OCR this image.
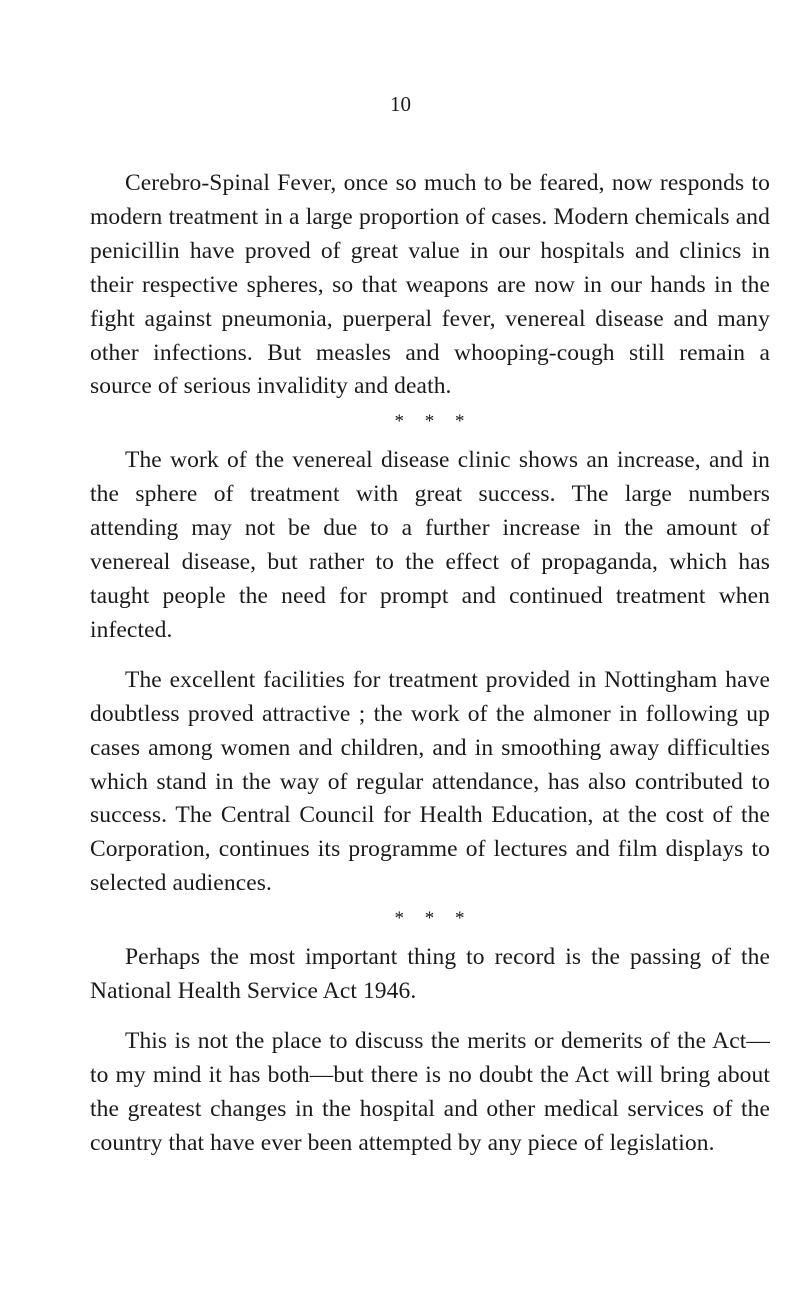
10

Cerebro-Spinal Fever, once so much to be feared, now responds to modern treatment in a large proportion of cases. Modern chemicals and penicillin have proved of great value in our hospitals and clinics in their respective spheres, so that weapons are now in our hands in the fight against pneumonia, puerperal fever, venereal disease and many other infections. But measles and whooping-cough still remain a source of serious invalidity and death.

* * *

The work of the venereal disease clinic shows an increase, and in the sphere of treatment with great success. The large numbers attending may not be due to a further increase in the amount of venereal disease, but rather to the effect of propaganda, which has taught people the need for prompt and continued treatment when infected.

The excellent facilities for treatment provided in Nottingham have doubtless proved attractive ; the work of the almoner in following up cases among women and children, and in smoothing away difficulties which stand in the way of regular attendance, has also contributed to success. The Central Council for Health Education, at the cost of the Corporation, continues its programme of lectures and film displays to selected audiences.

* * *

Perhaps the most important thing to record is the passing of the National Health Service Act 1946.

This is not the place to discuss the merits or demerits of the Act—to my mind it has both—but there is no doubt the Act will bring about the greatest changes in the hospital and other medical services of the country that have ever been attempted by any piece of legislation.
